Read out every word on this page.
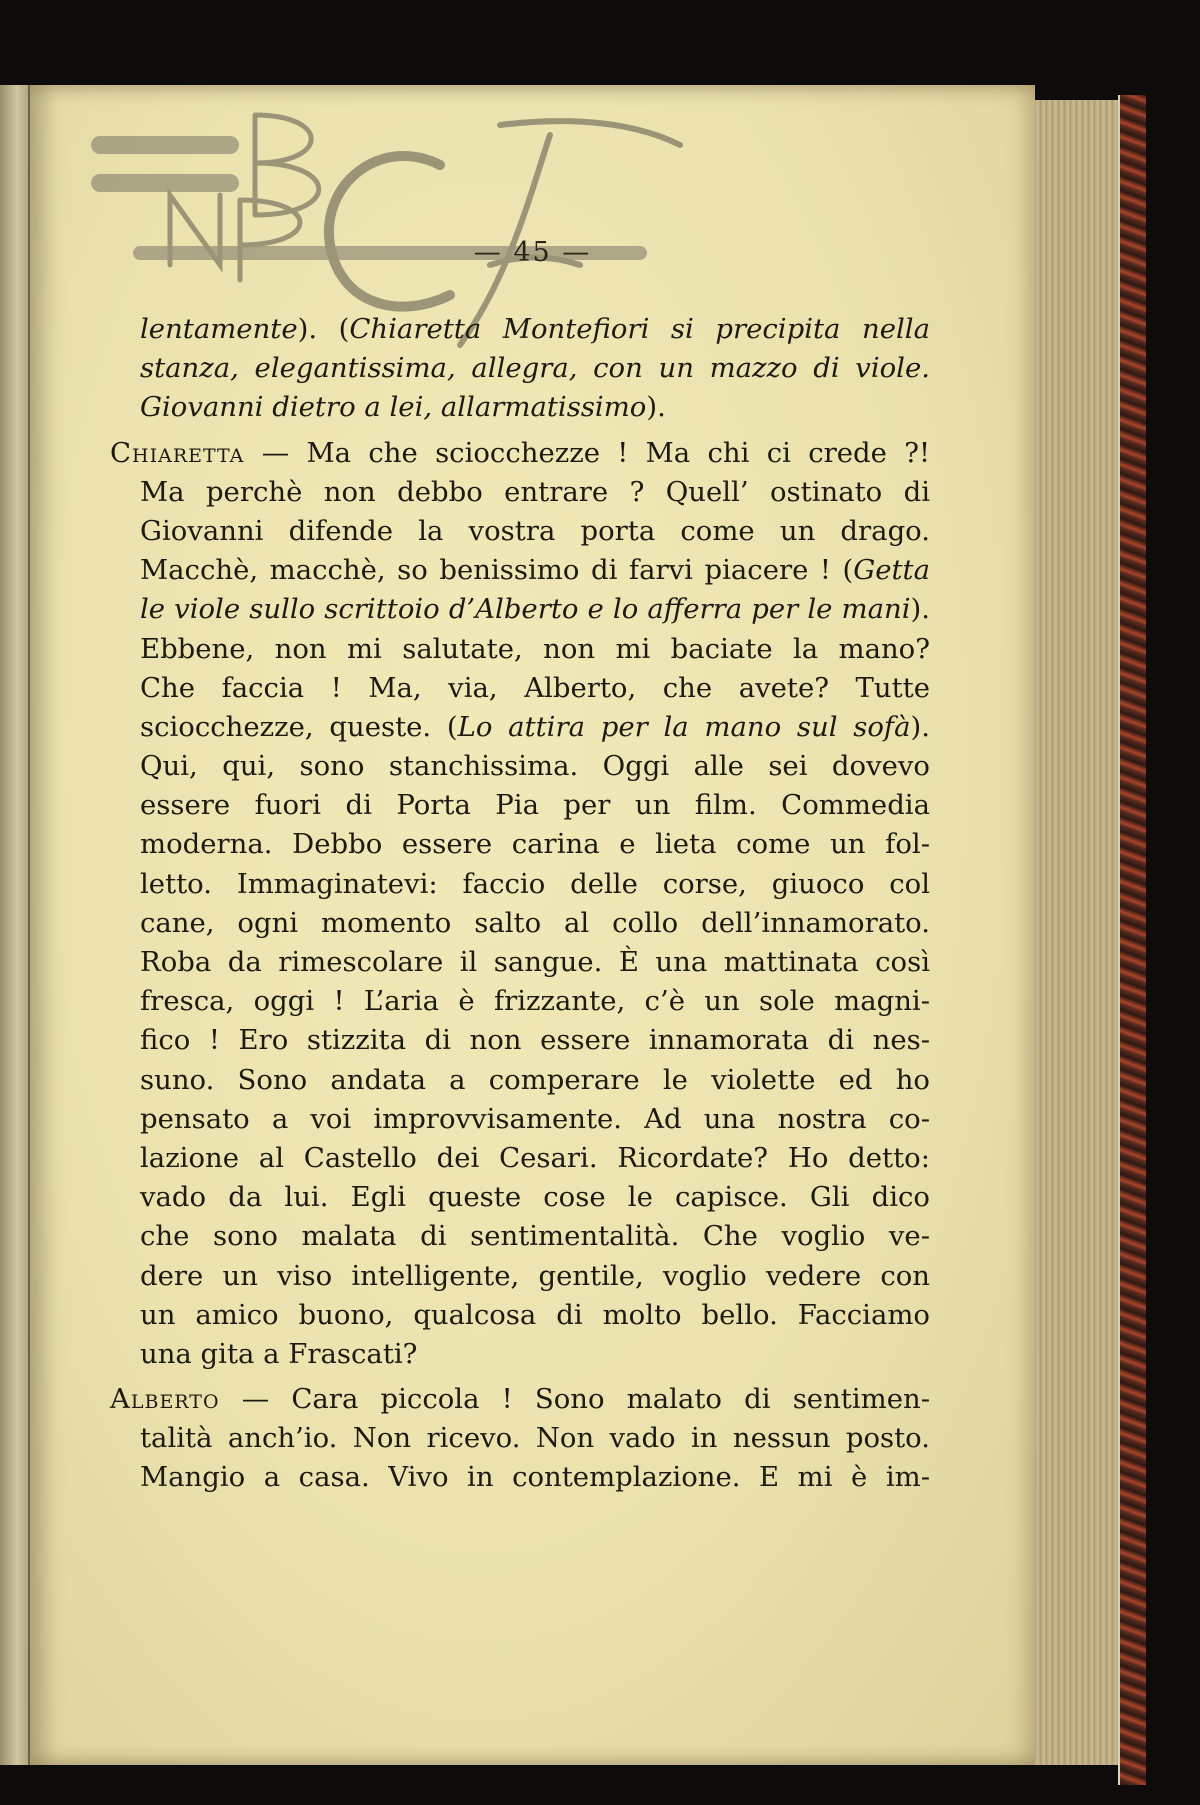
— 45 —
lentamente). (Chiaretta Montefiori si precipita nella
stanza, elegantissima, allegra, con un mazzo di viole.
Giovanni dietro a lei, allarmatissimo).
Chiaretta — Ma che sciocchezze ! Ma chi ci crede ?!
Ma perchè non debbo entrare ? Quell’ ostinato di
Giovanni difende la vostra porta come un drago.
Macchè, macchè, so benissimo di farvi piacere ! (Getta
le viole sullo scrittoio d’Alberto e lo afferra per le mani).
Ebbene, non mi salutate, non mi baciate la mano?
Che faccia ! Ma, via, Alberto, che avete? Tutte
sciocchezze, queste. (Lo attira per la mano sul sofà).
Qui, qui, sono stanchissima. Oggi alle sei dovevo
essere fuori di Porta Pia per un film. Commedia
moderna. Debbo essere carina e lieta come un fol-
letto. Immaginatevi: faccio delle corse, giuoco col
cane, ogni momento salto al collo dell’innamorato.
Roba da rimescolare il sangue. È una mattinata così
fresca, oggi ! L’aria è frizzante, c’è un sole magni-
fico ! Ero stizzita di non essere innamorata di nes-
suno. Sono andata a comperare le violette ed ho
pensato a voi improvvisamente. Ad una nostra co-
lazione al Castello dei Cesari. Ricordate? Ho detto:
vado da lui. Egli queste cose le capisce. Gli dico
che sono malata di sentimentalità. Che voglio ve-
dere un viso intelligente, gentile, voglio vedere con
un amico buono, qualcosa di molto bello. Facciamo
una gita a Frascati?
Alberto — Cara piccola ! Sono malato di sentimen-
talità anch’io. Non ricevo. Non vado in nessun posto.
Mangio a casa. Vivo in contemplazione. E mi è im-
